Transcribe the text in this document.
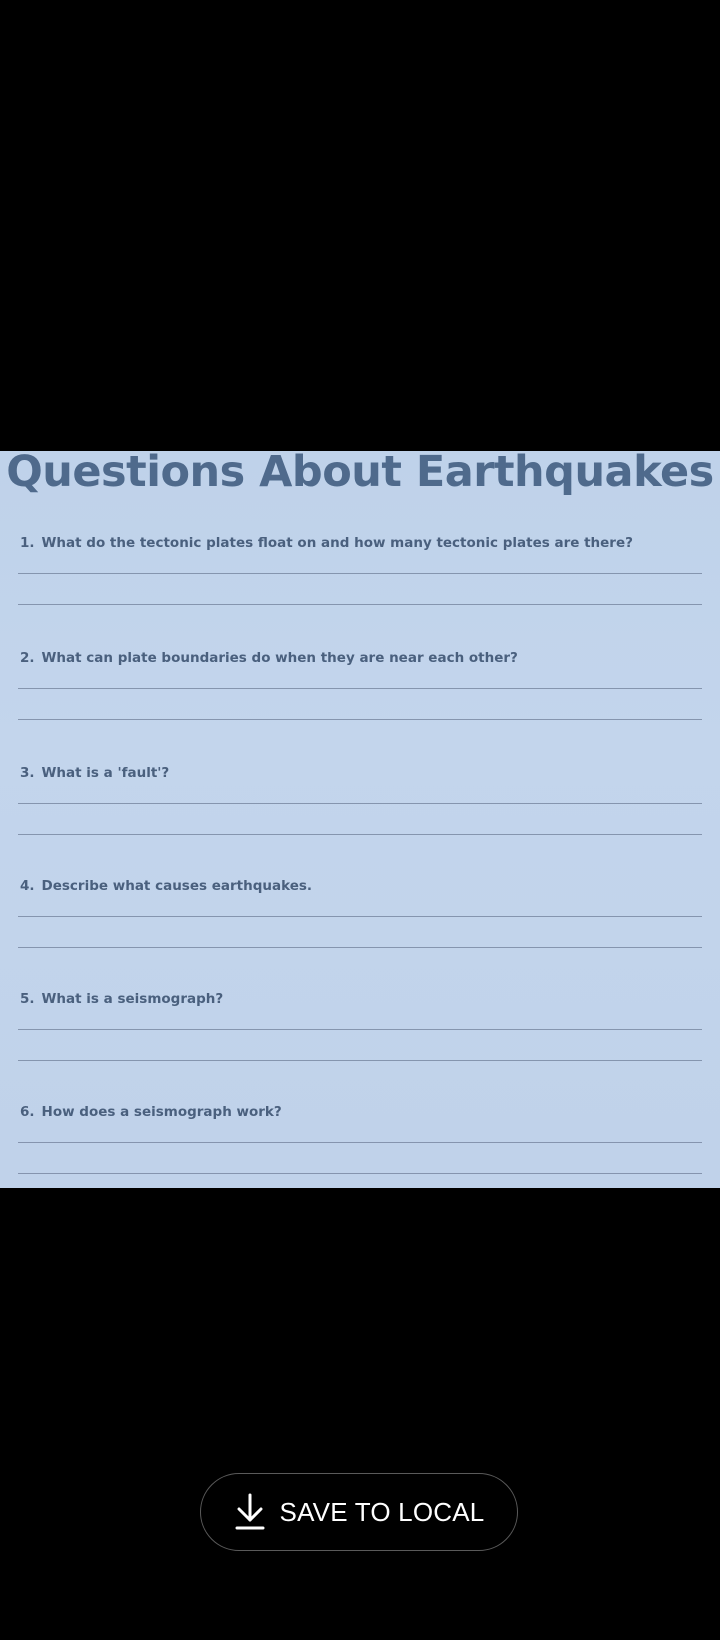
Questions About Earthquakes
1. What do the tectonic plates float on and how many tectonic plates are there?
2. What can plate boundaries do when they are near each other?
3. What is a 'fault'?
4. Describe what causes earthquakes.
5. What is a seismograph?
6. How does a seismograph work?
SAVE TO LOCAL
